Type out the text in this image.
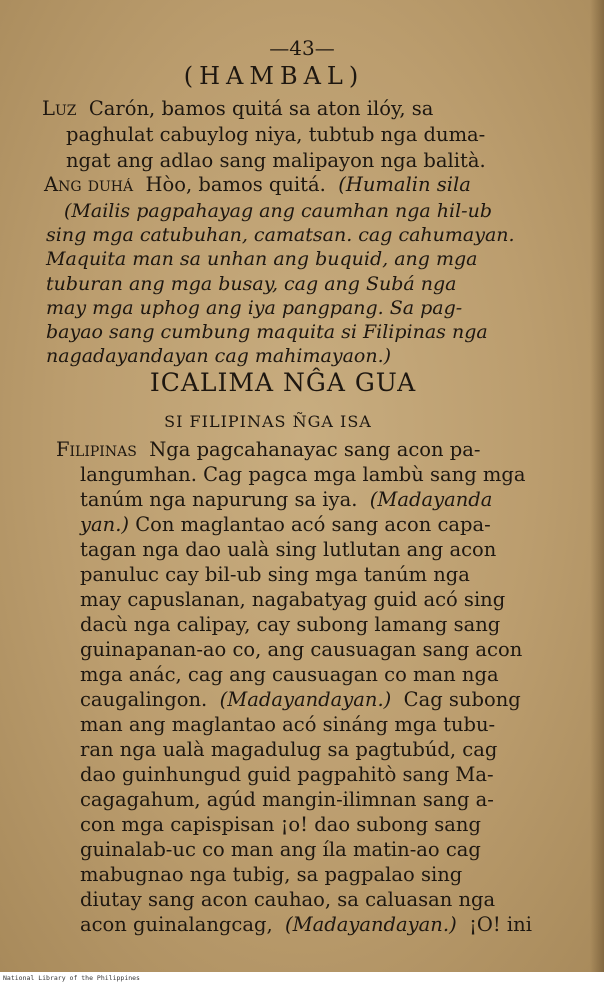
—43—
(HAMBAL)
Luz Carón, bamos quitá sa aton ilóy, sa
paghulat cabuylog niya, tubtub nga duma-
ngat ang adlao sang malipayon nga balità.
Ang duhá Hòo, bamos quitá. (Humalin sila
(Mailis pagpahayag ang caumhan nga hil-ub
sing mga catubuhan, camatsan. cag cahumayan.
Maquita man sa unhan ang buquid, ang mga
tuburan ang mga busay, cag ang Subá nga
may mga uphog ang iya pangpang. Sa pag-
bayao sang cumbung maquita si Filipinas nga
nagadayandayan cag mahimayaon.)
ICALIMA NĜA GUA
SI FILIPINAS ÑGA ISA
Filipinas Nga pagcahanayac sang acon pa-
langumhan. Cag pagca mga lambù sang mga
tanúm nga napurung sa iya. (Madayanda
yan.) Con maglantao acó sang acon capa-
tagan nga dao ualà sing lutlutan ang acon
panuluc cay bil-ub sing mga tanúm nga
may capuslanan, nagabatyag guid acó sing
dacù nga calipay, cay subong lamang sang
guinapanan-ao co, ang causuagan sang acon
mga anác, cag ang causuagan co man nga
caugalingon. (Madayandayan.) Cag subong
man ang maglantao acó sináng mga tubu-
ran nga ualà magadulug sa pagtubúd, cag
dao guinhungud guid pagpahitò sang Ma-
cagagahum, agúd mangin-ilimnan sang a-
con mga capispisan ¡o! dao subong sang
guinalab-uc co man ang íla matin-ao cag
mabugnao nga tubig, sa pagpalao sing
diutay sang acon cauhao, sa caluasan nga
acon guinalangcag, (Madayandayan.) ¡O! ini
National Library of the Philippines
